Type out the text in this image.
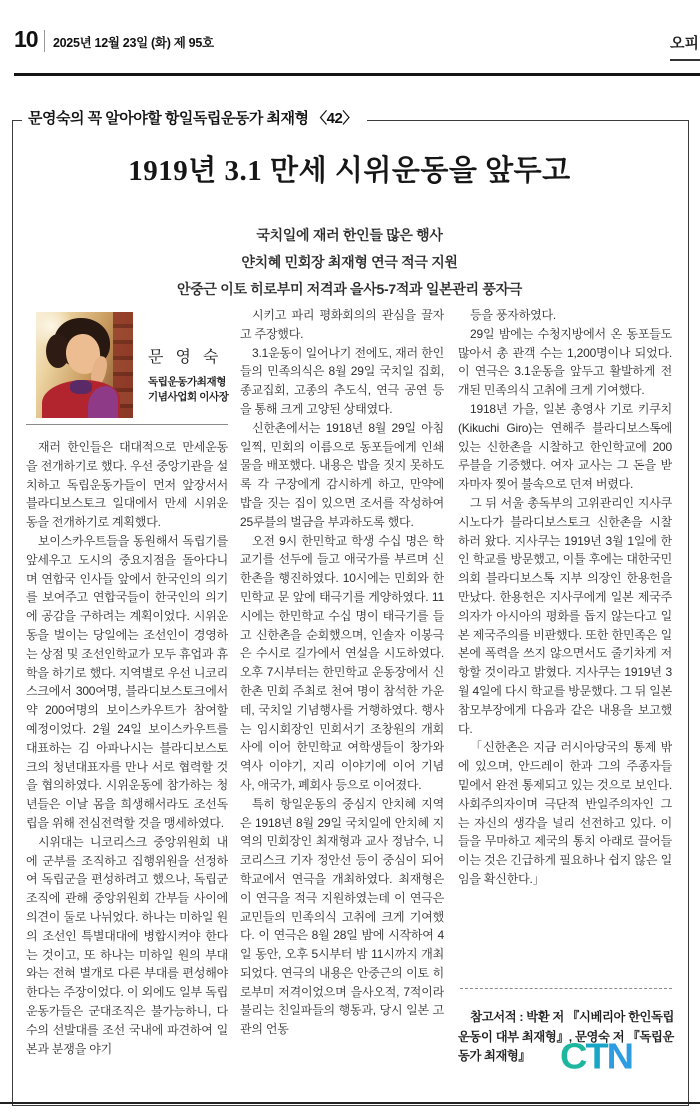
10 2025년 12월 23일 (화) 제 95호	오피
문영숙의 꼭 알아야할 항일독립운동가 최재형 〈42〉
1919년 3.1 만세 시위운동을 앞두고
국치일에 재러 한인들 많은 행사
얀치혜 민회장 최재형 연극 적극 지원
안중근 이토 히로부미 저격과 을사5-7적과 일본관리 풍자극
문 영 숙
독립운동가최재형
기념사업회 이사장

재러 한인들은 대대적으로 만세운동을 전개하기로 했다. 우선 중앙기관을 설치하고 독립운동가들이 먼저 앞장서서 블라디보스토크 일대에서 만세 시위운동을 전개하기로 계획했다.

보이스카우트들을 동원해서 독립기를 앞세우고 도시의 중요지점을 돌아다니며 연합국 인사들 앞에서 한국인의 의기를 보여주고 연합국들이 한국인의 의기에 공감을 구하려는 계획이었다. 시위운동을 벌이는 당일에는 조선인이 경영하는 상점 및 조선인학교가 모두 휴업과 휴학을 하기로 했다. 지역별로 우선 니코리스크에서 300여명, 블라디보스토크에서 약 200여명의 보이스카우트가 참여할 예정이었다. 2월 24일 보이스카우트를 대표하는 김 아파나시는 블라디보스토크의 청년대표자를 만나 서로 협력할 것을 협의하였다. 시위운동에 참가하는 청년들은 이날 몸을 희생해서라도 조선독립을 위해 전심전력할 것을 맹세하였다.

시위대는 니코리스크 중앙위원회 내에 군부를 조직하고 집행위원을 선정하여 독립군을 편성하려고 했으나, 독립군 조직에 관해 중앙위원회 간부들 사이에 의견이 둘로 나뉘었다. 하나는 미하일 원의 조선인 특별대대에 병합시켜야 한다는 것이고, 또 하나는 미하일 원의 부대와는 전혀 별개로 다른 부대를 편성해야 한다는 주장이었다. 이 외에도 일부 독립운동가들은 군대조직은 불가능하니, 다수의 선발대를 조선 국내에 파견하여 일본과 분쟁을 야기

시키고 파리 평화회의의 관심을 끌자고 주장했다.

3.1운동이 일어나기 전에도, 재러 한인들의 민족의식은 8월 29일 국치일 집회, 종교집회, 고종의 추도식, 연극 공연 등을 통해 크게 고양된 상태였다.

신한촌에서는 1918년 8월 29일 아침 일찍, 민회의 이름으로 동포들에게 인쇄물을 배포했다. 내용은 밥을 짓지 못하도록 각 구장에게 감시하게 하고, 만약에 밥을 짓는 집이 있으면 조서를 작성하여 25루블의 벌금을 부과하도록 했다.

오전 9시 한민학교 학생 수십 명은 학교기를 선두에 들고 애국가를 부르며 신한촌을 행진하였다. 10시에는 민회와 한민학교 문 앞에 태극기를 게양하였다. 11시에는 한민학교 수십 명이 태극기를 들고 신한촌을 순회했으며, 인솔자 이봉극은 수시로 길가에서 연설을 시도하였다. 오후 7시부터는 한민학교 운동장에서 신한촌 민회 주최로 천여 명이 참석한 가운데, 국치일 기념행사를 거행하였다. 행사는 임시회장인 민회서기 조창원의 개회사에 이어 한민학교 여학생들이 창가와 역사 이야기, 지리 이야기에 이어 기념사, 애국가, 폐회사 등으로 이어졌다.

특히 항일운동의 중심지 안치혜 지역은 1918년 8월 29일 국치일에 안치혜 지역의 민회장인 최재형과 교사 정남수, 니코리스크 기자 정안선 등이 중심이 되어 학교에서 연극을 개최하였다. 최재형은 이 연극을 적극 지원하였는데 이 연극은 교민들의 민족의식 고취에 크게 기여했다. 이 연극은 8월 28일 밤에 시작하여 4일 동안, 오후 5시부터 밤 11시까지 개최되었다. 연극의 내용은 안중근의 이토 히로부미 저격이었으며 을사오적, 7적이라 불리는 친일파들의 행동과, 당시 일본 고관의 언동

등을 풍자하였다.

29일 밤에는 수청지방에서 온 동포들도 많아서 총 관객 수는 1,200명이나 되었다. 이 연극은 3.1운동을 앞두고 활발하게 전개된 민족의식 고취에 크게 기여했다.

1918년 가을, 일본 총영사 기로 키쿠치(Kikuchi Giro)는 연해주 블라디보스톡에 있는 신한촌을 시찰하고 한인학교에 200루블을 기증했다. 여자 교사는 그 돈을 받자마자 찢어 불속으로 던져 버렸다.

그 뒤 서울 총독부의 고위관리인 지사쿠 시노다가 블라디보스토크 신한촌을 시찰하러 왔다. 지사쿠는 1919년 3월 1일에 한인 학교를 방문했고, 이틀 후에는 대한국민의회 블라디보스톡 지부 의장인 한용헌을 만났다. 한용헌은 지사쿠에게 일본 제국주의자가 아시아의 평화를 돕지 않는다고 일본 제국주의를 비판했다. 또한 한민족은 일본에 폭력을 쓰지 않으면서도 줄기차게 저항할 것이라고 밝혔다. 지사쿠는 1919년 3월 4일에 다시 학교를 방문했다. 그 뒤 일본 참모부장에게 다음과 같은 내용을 보고했다.

「신한촌은 지금 러시아당국의 통제 밖에 있으며, 안드레이 한과 그의 주종자들 밑에서 완전 통제되고 있는 것으로 보인다. 사회주의자이며 극단적 반일주의자인 그는 자신의 생각을 널리 선전하고 있다. 이들을 무마하고 제국의 통치 아래로 끌어들이는 것은 긴급하게 필요하나 쉽지 않은 일임을 확신한다.」

참고서적 : 박환 저 『시베리아 한인독립운동이 대부 최재형』, 문영숙 저 『독립운동가 최재형』 CTN
